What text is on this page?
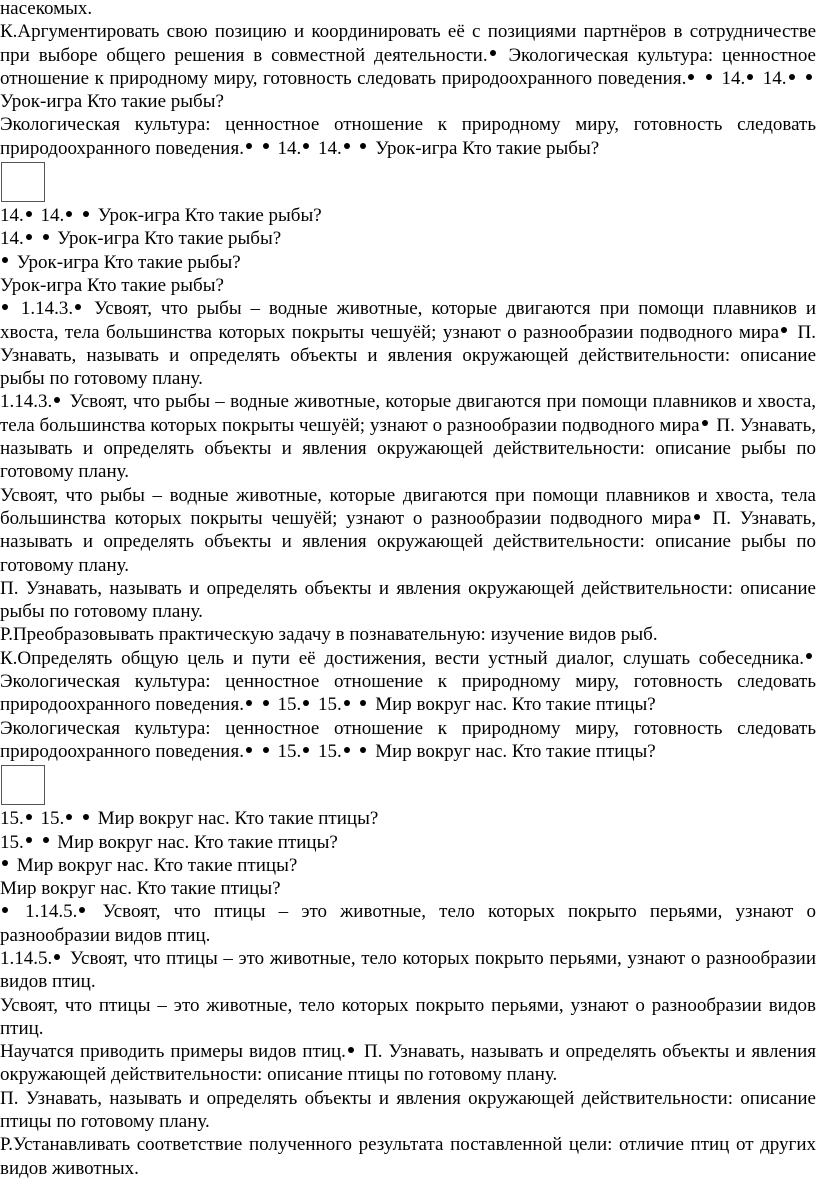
насекомых.

К.Аргументировать свою позицию и координировать её с позициями партнёров в сотрудничестве при выборе общего решения в совместной деятельности. Экологическая культура: ценностное отношение к природному миру, готовность следовать природоохранного поведения. 14. 14.  Урок-игра Кто такие рыбы?

Экологическая культура: ценностное отношение к природному миру, готовность следовать природоохранного поведения. 14. 14. Урок-игра Кто такие рыбы?

14. 14. Урок-игра Кто такие рыбы?

14. Урок-игра Кто такие рыбы?

Урок-игра Кто такие рыбы?

Урок-игра Кто такие рыбы?

1.14.3. Усвоят, что рыбы – водные животные, которые двигаются при помощи плавников и хвоста, тела большинства которых покрыты чешуёй; узнают о разнообразии подводного мира П. Узнавать, называть и определять объекты и явления окружающей действительности: описание рыбы по готовому плану.

1.14.3. Усвоят, что рыбы – водные животные, которые двигаются при помощи плавников и хвоста, тела большинства которых покрыты чешуёй; узнают о разнообразии подводного мира П. Узнавать, называть и определять объекты и явления окружающей действительности: описание рыбы по готовому плану.

Усвоят, что рыбы – водные животные, которые двигаются при помощи плавников и хвоста, тела большинства которых покрыты чешуёй; узнают о разнообразии подводного мира П. Узнавать, называть и определять объекты и явления окружающей действительности: описание рыбы по готовому плану.

П. Узнавать, называть и определять объекты и явления окружающей действительности: описание рыбы по готовому плану.

Р.Преобразовывать практическую задачу в познавательную: изучение видов рыб.

К.Определять общую цель и пути её достижения, вести устный диалог, слушать собеседника. Экологическая культура: ценностное отношение к природному миру, готовность следовать природоохранного поведения. 15. 15. Мир вокруг нас. Кто такие птицы?

Экологическая культура: ценностное отношение к природному миру, готовность следовать природоохранного поведения. 15. 15. Мир вокруг нас. Кто такие птицы?

15. 15. Мир вокруг нас. Кто такие птицы?

15. Мир вокруг нас. Кто такие птицы?

Мир вокруг нас. Кто такие птицы?

Мир вокруг нас. Кто такие птицы?

1.14.5. Усвоят, что птицы – это животные, тело которых покрыто перьями, узнают о разнообразии видов птиц.

1.14.5. Усвоят, что птицы – это животные, тело которых покрыто перьями, узнают о разнообразии видов птиц.

Усвоят, что птицы – это животные, тело которых покрыто перьями, узнают о разнообразии видов птиц.

Научатся приводить примеры видов птиц. П. Узнавать, называть и определять объекты и явления окружающей действительности: описание птицы по готовому плану.

П. Узнавать, называть и определять объекты и явления окружающей действительности: описание птицы по готовому плану.

Р.Устанавливать соответствие полученного результата поставленной цели: отличие птиц от других видов животных.
